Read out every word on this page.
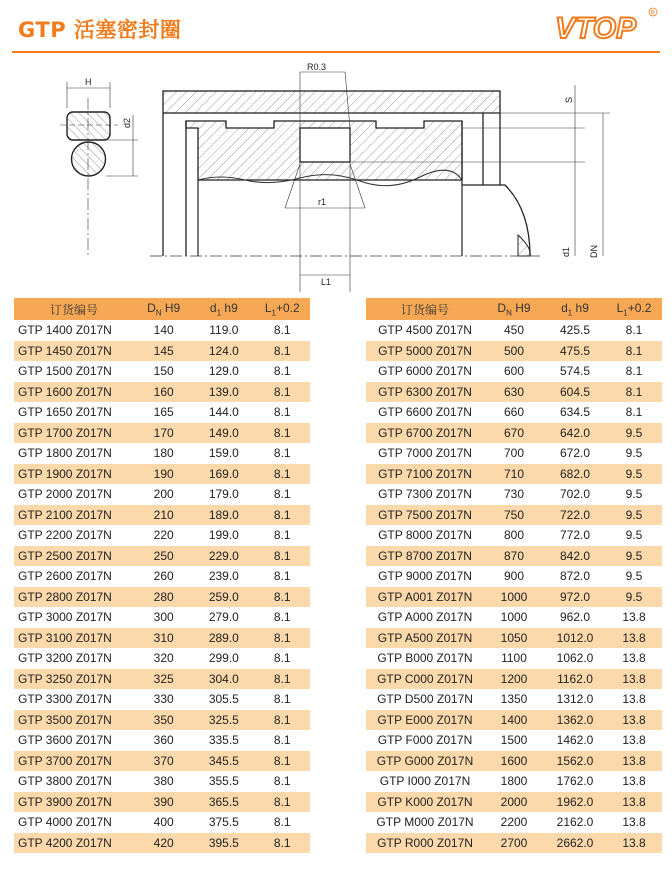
GTP 活塞密封圈	VTOP R
H
d2
L1
r1
R0.3
S
d1 DN
订货编号	$D_N$ H9	$d_1$ h9	$L_1+0.2$
GTP 1400 Z017N	140	119.0	8.1
GTP 1450 Z017N	145	124.0	8.1
GTP 1500 Z017N	150	129.0	8.1
GTP 1600 Z017N	160	139.0	8.1
GTP 1650 Z017N	165	144.0	8.1
GTP 1700 Z017N	170	149.0	8.1
GTP 1800 Z017N	180	159.0	8.1
GTP 1900 Z017N	190	169.0	8.1
GTP 2000 Z017N	200	179.0	8.1
GTP 2100 Z017N	210	189.0	8.1
GTP 2200 Z017N	220	199.0	8.1
GTP 2500 Z017N	250	229.0	8.1
GTP 2600 Z017N	260	239.0	8.1
GTP 2800 Z017N	280	259.0	8.1
GTP 3000 Z017N	300	279.0	8.1
GTP 3100 Z017N	310	289.0	8.1
GTP 3200 Z017N	320	299.0	8.1
GTP 3250 Z017N	325	304.0	8.1
GTP 3300 Z017N	330	305.5	8.1
GTP 3500 Z017N	350	325.5	8.1
GTP 3600 Z017N	360	335.5	8.1
GTP 3700 Z017N	370	345.5	8.1
GTP 3800 Z017N	380	355.5	8.1
GTP 3900 Z017N	390	365.5	8.1
GTP 4000 Z017N	400	375.5	8.1
GTP 4200 Z017N	420	395.5	8.1
订货编号	$D_N$ H9	$d_1$ h9	$L_1+0.2$
GTP 4500 Z017N	450	425.5	8.1
GTP 5000 Z017N	500	475.5	8.1
GTP 6000 Z017N	600	574.5	8.1
GTP 6300 Z017N	630	604.5	8.1
GTP 6600 Z017N	660	634.5	8.1
GTP 6700 Z017N	670	642.0	9.5
GTP 7000 Z017N	700	672.0	9.5
GTP 7100 Z017N	710	682.0	9.5
GTP 7300 Z017N	730	702.0	9.5
GTP 7500 Z017N	750	722.0	9.5
GTP 8000 Z017N	800	772.0	9.5
GTP 8700 Z017N	870	842.0	9.5
GTP 9000 Z017N	900	872.0	9.5
GTP A001 Z017N	1000	972.0	9.5
GTP A000 Z017N	1000	962.0	13.8
GTP A500 Z017N	1050	1012.0	13.8
GTP B000 Z017N	1100	1062.0	13.8
GTP C000 Z017N	1200	1162.0	13.8
GTP D500 Z017N	1350	1312.0	13.8
GTP E000 Z017N	1400	1362.0	13.8
GTP F000 Z017N	1500	1462.0	13.8
GTP G000 Z017N	1600	1562.0	13.8
GTP I000 Z017N	1800	1762.0	13.8
GTP K000 Z017N	2000	1962.0	13.8
GTP M000 Z017N	2200	2162.0	13.8
GTP R000 Z017N	2700	2662.0	13.8
